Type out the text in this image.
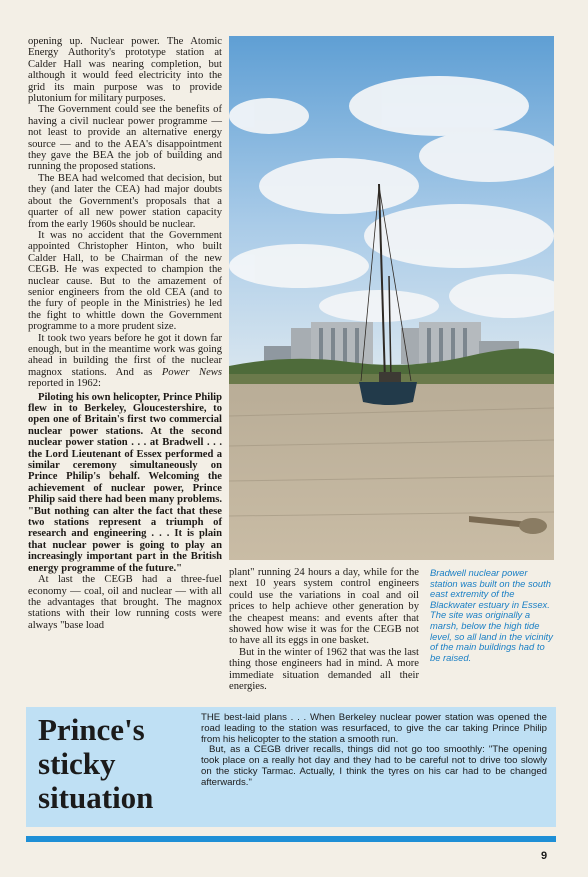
opening up. Nuclear power. The Atomic Energy Authority's prototype station at Calder Hall was nearing completion, but although it would feed electricity into the grid its main purpose was to provide plutonium for military purposes.

The Government could see the benefits of having a civil nuclear power programme — not least to provide an alternative energy source — and to the AEA's disappointment they gave the BEA the job of building and running the proposed stations.

The BEA had welcomed that decision, but they (and later the CEA) had major doubts about the Government's proposals that a quarter of all new power station capacity from the early 1960s should be nuclear.

It was no accident that the Government appointed Christopher Hinton, who built Calder Hall, to be Chairman of the new CEGB. He was expected to champion the nuclear cause. But to the amazement of senior engineers from the old CEA (and to the fury of people in the Ministries) he led the fight to whittle down the Government programme to a more prudent size.

It took two years before he got it down far enough, but in the meantime work was going ahead in building the first of the nuclear magnox stations. And as Power News reported in 1962:

Piloting his own helicopter, Prince Philip flew in to Berkeley, Gloucestershire, to open one of Britain's first two commercial nuclear power stations. At the second nuclear power station . . . at Bradwell . . . the Lord Lieutenant of Essex performed a similar ceremony simultaneously on Prince Philip's behalf. Welcoming the achievement of nuclear power, Prince Philip said there had been many problems. "But nothing can alter the fact that these two stations represent a triumph of research and engineering . . . It is plain that nuclear power is going to play an increasingly important part in the British energy programme of the future."

At last the CEGB had a three-fuel economy — coal, oil and nuclear — with all the advantages that brought. The magnox stations with their low running costs were always "base load

plant" running 24 hours a day, while for the next 10 years system control engineers could use the variations in coal and oil prices to help achieve other generation by the cheapest means: and events after that showed how wise it was for the CEGB not to have all its eggs in one basket.

But in the winter of 1962 that was the last thing those engineers had in mind. A more immediate situation demanded all their energies.

Bradwell nuclear power station was built on the south east extremity of the Blackwater estuary in Essex. The site was originally a marsh, below the high tide level, so all land in the vicinity of the main buildings had to be raised.
Prince's
sticky
situation

THE best-laid plans . . . When Berkeley nuclear power station was opened the road leading to the station was resurfaced, to give the car taking Prince Philip from his helicopter to the station a smooth run.

But, as a CEGB driver recalls, things did not go too smoothly: "The opening took place on a really hot day and they had to be careful not to drive too slowly on the sticky Tarmac. Actually, I think the tyres on his car had to be changed afterwards."

9
